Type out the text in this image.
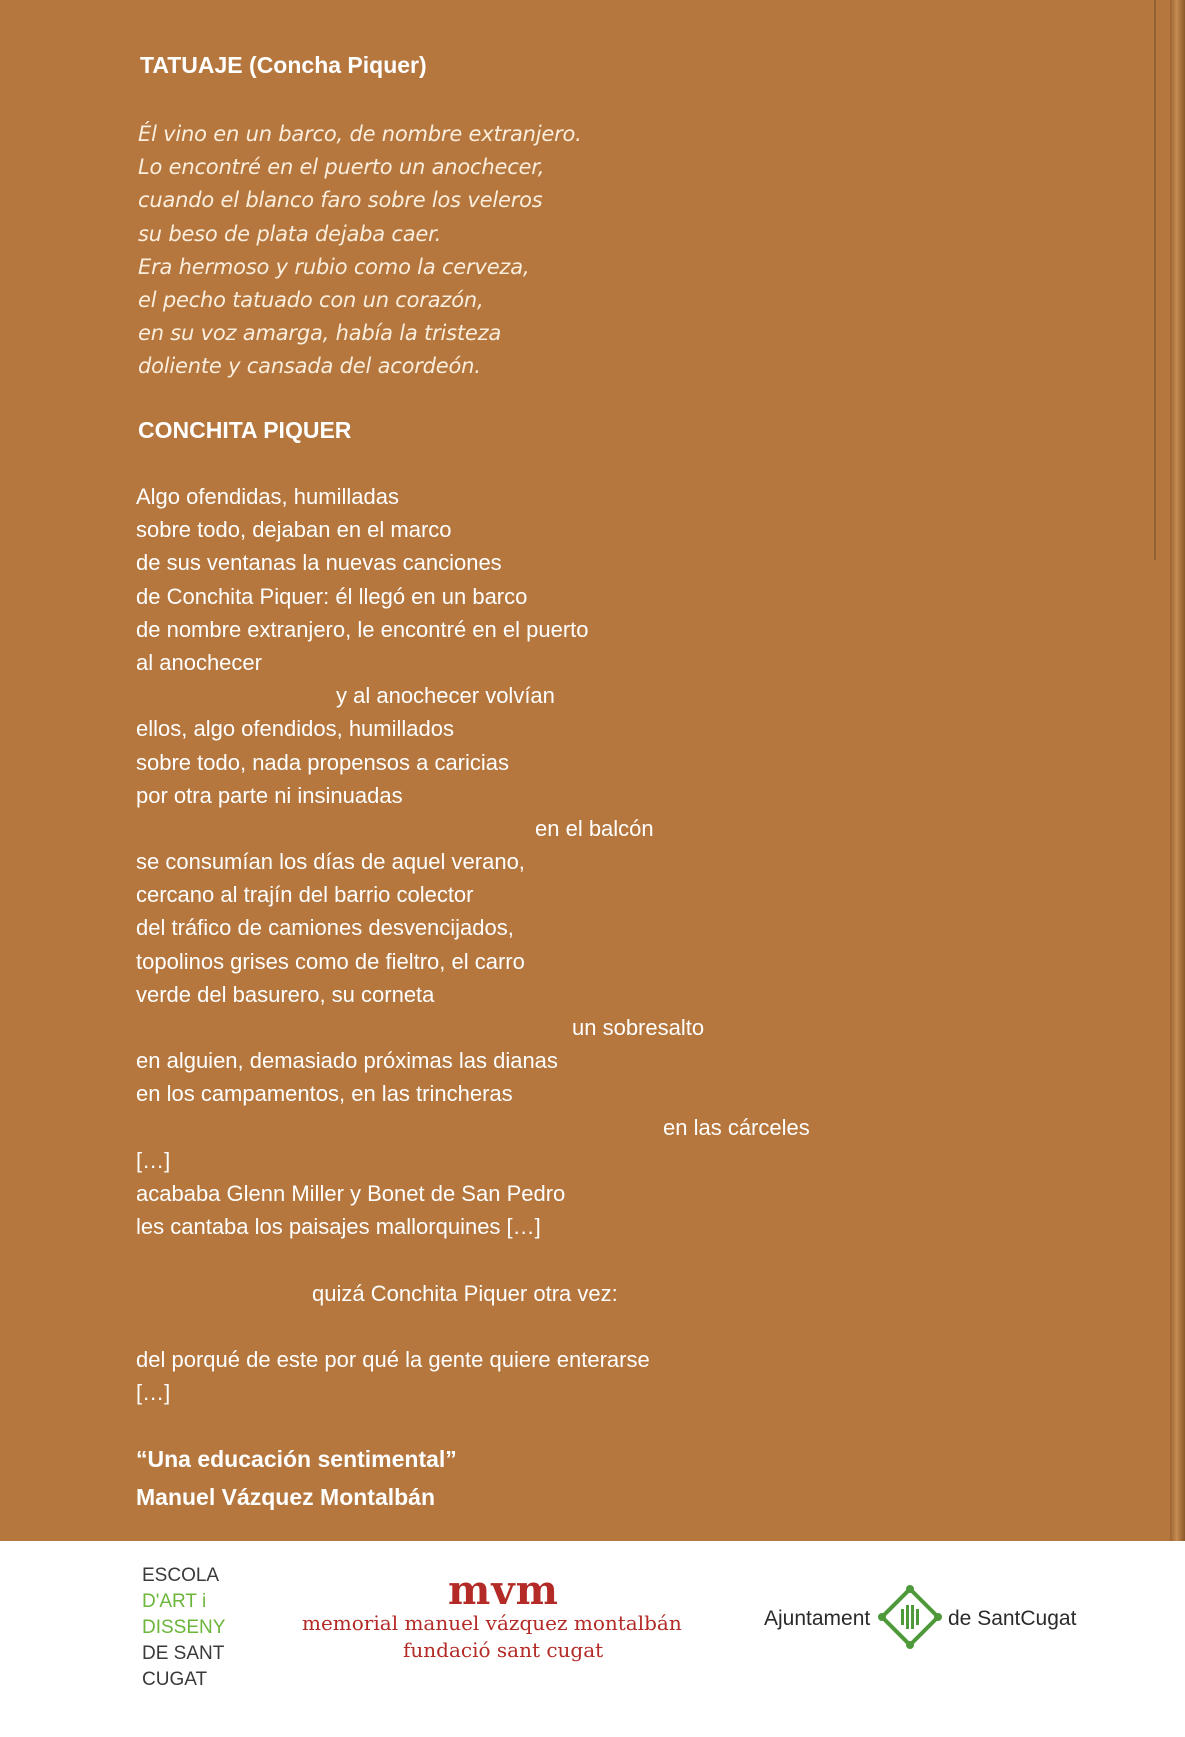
TATUAJE (Concha Piquer)
Él vino en un barco, de nombre extranjero.
Lo encontré en el puerto un anochecer,
cuando el blanco faro sobre los veleros
su beso de plata dejaba caer.
Era hermoso y rubio como la cerveza,
el pecho tatuado con un corazón,
en su voz amarga, había la tristeza
doliente y cansada del acordeón.
CONCHITA PIQUER
Algo ofendidas, humilladas
sobre todo, dejaban en el marco
de sus ventanas la nuevas canciones
de Conchita Piquer: él llegó en un barco
de nombre extranjero, le encontré en el puerto
al anochecer
y al anochecer volvían
ellos, algo ofendidos, humillados
sobre todo, nada propensos a caricias
por otra parte ni insinuadas
en el balcón
se consumían los días de aquel verano,
cercano al trajín del barrio colector
del tráfico de camiones desvencijados,
topolinos grises como de fieltro, el carro
verde del basurero, su corneta
un sobresalto
en alguien, demasiado próximas las dianas
en los campamentos, en las trincheras
en las cárceles
[…]
acababa Glenn Miller y Bonet de San Pedro
les cantaba los paisajes mallorquines […]
quizá Conchita Piquer otra vez:
del porqué de este por qué la gente quiere enterarse
[…]

“Una educación sentimental”

Manuel Vázquez Montalbán

ESCOLA
D'ART i
DISSENY
DE SANT
CUGAT
mvm
memorial manuel vázquez montalbán
fundació sant cugat
Ajuntament	de SantCugat
